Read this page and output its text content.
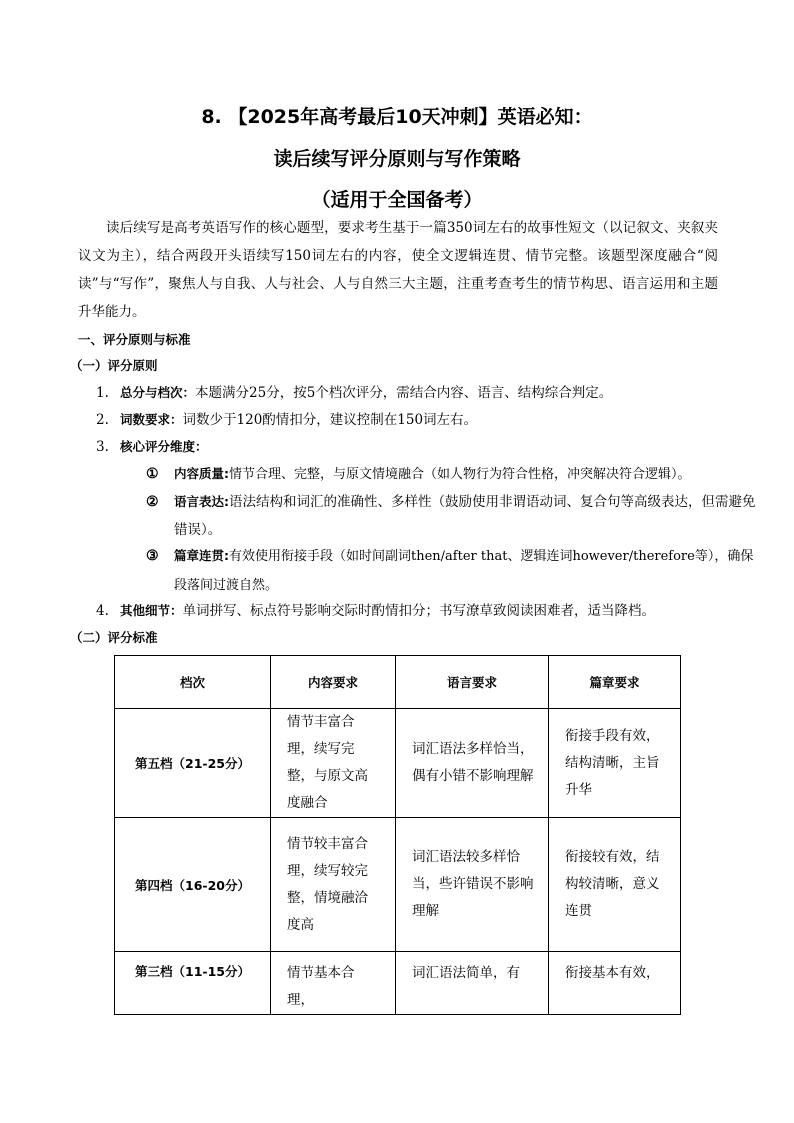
8. 【2025年高考最后10天冲刺】英语必知：
读后续写评分原则与写作策略
（适用于全国备考）
读后续写是高考英语写作的核心题型，要求考生基于一篇350词左右的故事性短文（以记叙文、夹叙夹议文为主），结合两段开头语续写150词左右的内容，使全文逻辑连贯、情节完整。该题型深度融合“阅读”与“写作”，聚焦人与自我、人与社会、人与自然三大主题，注重考查考生的情节构思、语言运用和主题升华能力。
一、评分原则与标准
（一）评分原则
1. 总分与档次：本题满分25分，按5个档次评分，需结合内容、语言、结构综合判定。
2. 词数要求：词数少于120酌情扣分，建议控制在150词左右。
3. 核心评分维度：
① 内容质量:情节合理、完整，与原文情境融合（如人物行为符合性格，冲突解决符合逻辑）。
② 语言表达:语法结构和词汇的准确性、多样性（鼓励使用非谓语动词、复合句等高级表达，但需避免错误）。
③ 篇章连贯:有效使用衔接手段（如时间副词then/after that、逻辑连词however/therefore等），确保段落间过渡自然。
4. 其他细节：单词拼写、标点符号影响交际时酌情扣分；书写潦草致阅读困难者，适当降档。
（二）评分标准
档次	内容要求	语言要求	篇章要求
第五档（21-25分）	情节丰富合理，续写完整，与原文高度融合	词汇语法多样恰当，偶有小错不影响理解	衔接手段有效，结构清晰，主旨升华
第四档（16-20分）	情节较丰富合理，续写较完整，情境融洽度高	词汇语法较多样恰当，些许错误不影响理解	衔接较有效，结构较清晰，意义连贯
第三档（11-15分）	情节基本合理，	词汇语法简单，有	衔接基本有效，
